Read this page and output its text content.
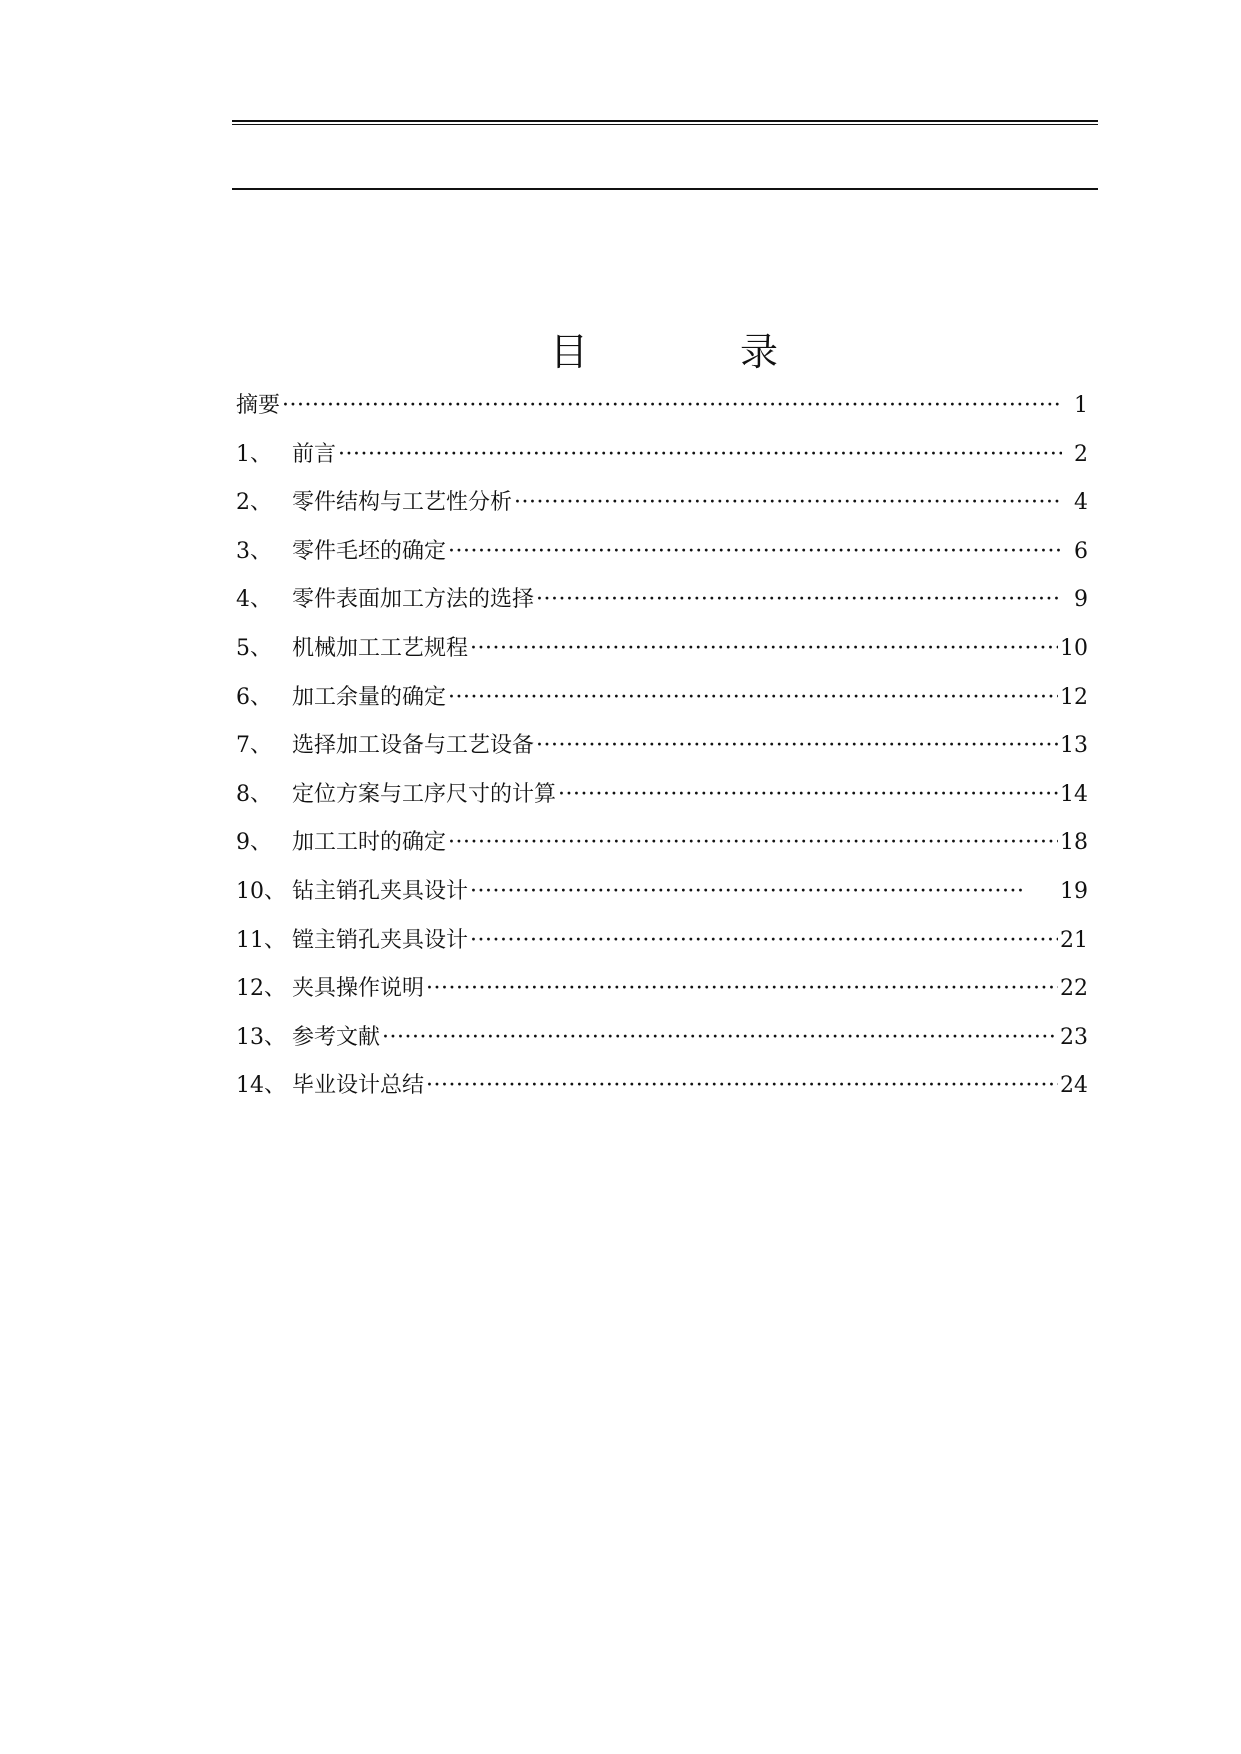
目 录
摘要 ·····	1
1、 前言 ·····	2
2、 零件结构与工艺性分析 ·····	4
3、 零件毛坯的确定 ·····	6
4、 零件表面加工方法的选择 ·····	9
5、 机械加工工艺规程 ·····	10
6、 加工余量的确定 ·····	12
7、 选择加工设备与工艺设备 ·····	13
8、 定位方案与工序尺寸的计算 ·····	14
9、 加工工时的确定 ·····	18
10、 钻主销孔夹具设计 ·····	19
11、 镗主销孔夹具设计 ·····	21
12、 夹具操作说明 ·····	22
13、 参考文献 ·····	23
14、 毕业设计总结 ·····	24
